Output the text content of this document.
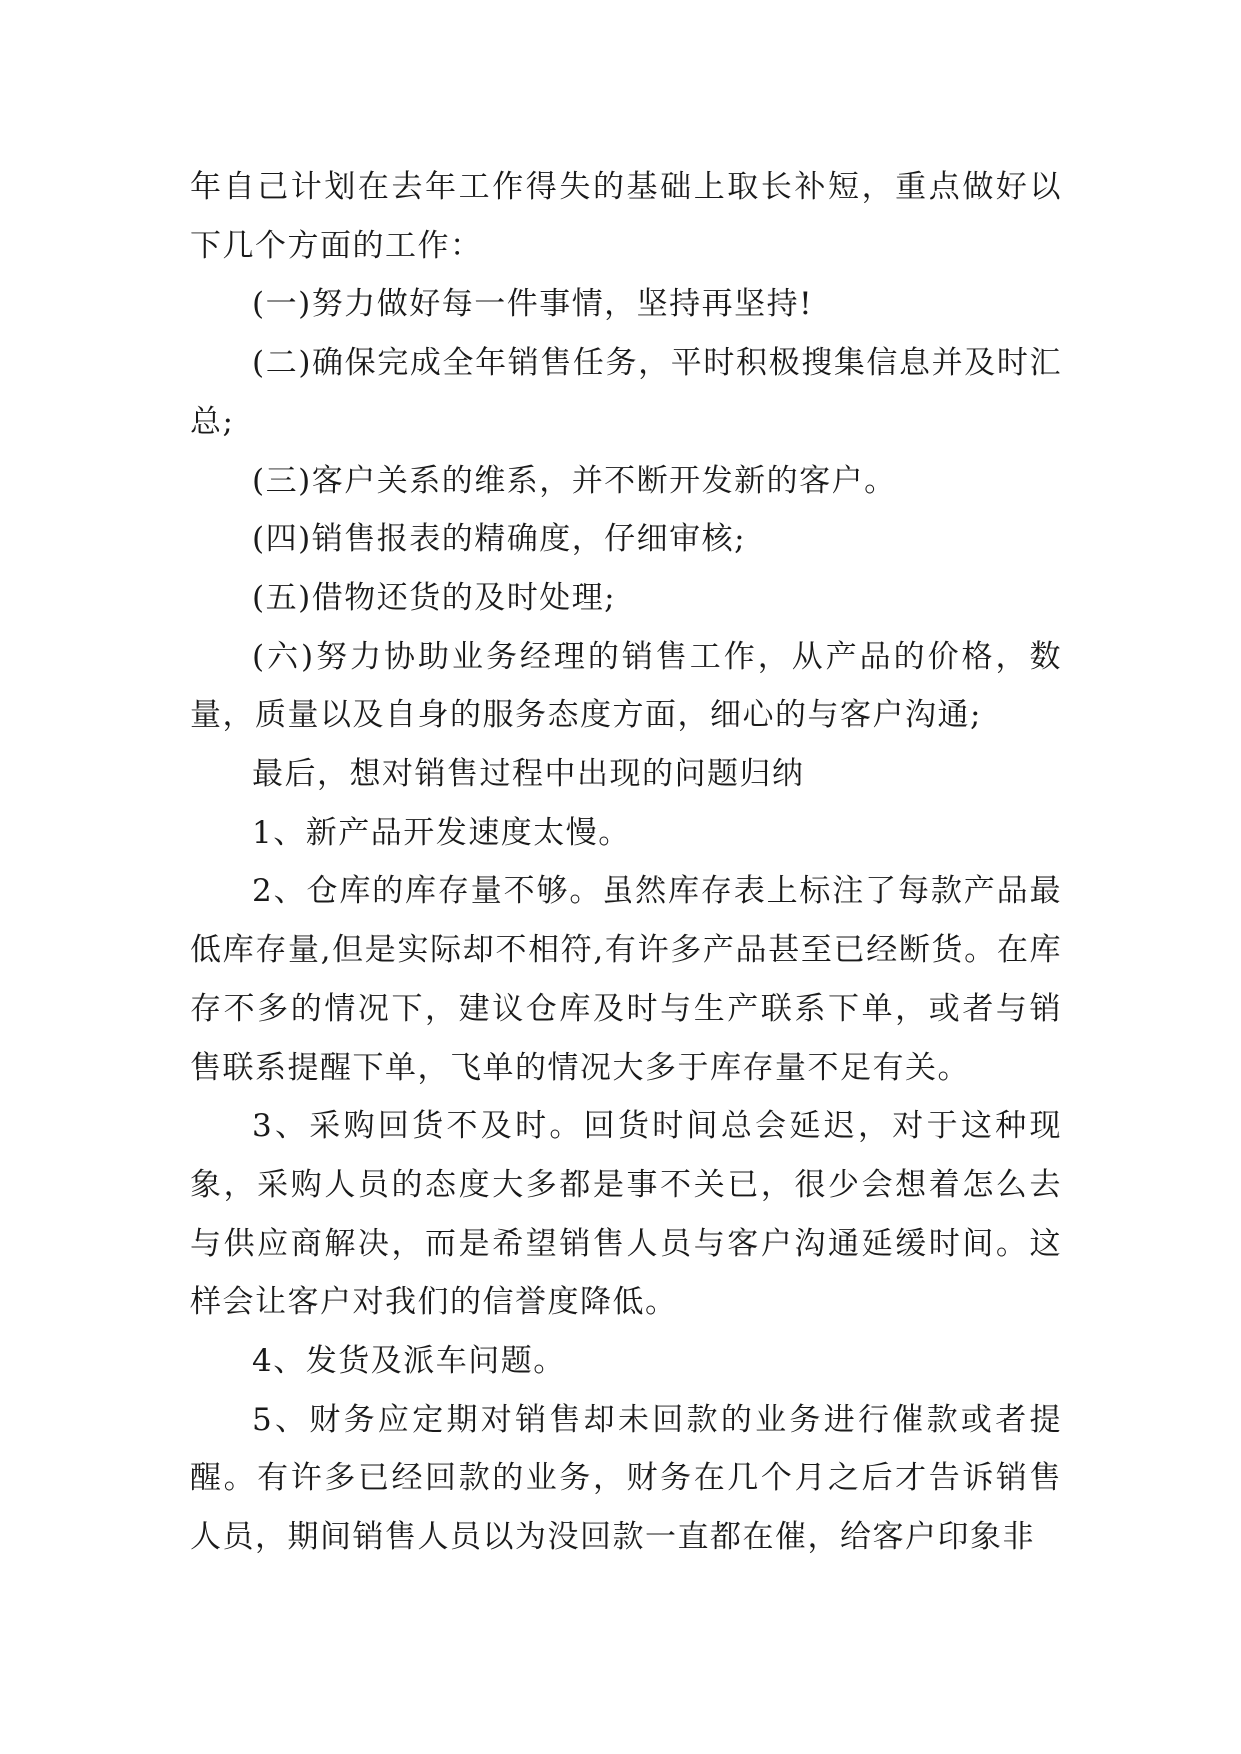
年自己计划在去年工作得失的基础上取长补短，重点做好以下几个方面的工作：

(一)努力做好每一件事情，坚持再坚持!

(二)确保完成全年销售任务，平时积极搜集信息并及时汇总;

(三)客户关系的维系，并不断开发新的客户。

(四)销售报表的精确度，仔细审核;

(五)借物还货的及时处理;

(六)努力协助业务经理的销售工作，从产品的价格，数量，质量以及自身的服务态度方面，细心的与客户沟通;

最后，想对销售过程中出现的问题归纳

1、新产品开发速度太慢。

2、仓库的库存量不够。虽然库存表上标注了每款产品最低库存量,但是实际却不相符,有许多产品甚至已经断货。在库存不多的情况下，建议仓库及时与生产联系下单，或者与销售联系提醒下单，飞单的情况大多于库存量不足有关。

3、采购回货不及时。回货时间总会延迟，对于这种现象，采购人员的态度大多都是事不关已，很少会想着怎么去与供应商解决，而是希望销售人员与客户沟通延缓时间。这样会让客户对我们的信誉度降低。

4、发货及派车问题。

5、财务应定期对销售却未回款的业务进行催款或者提醒。有许多已经回款的业务，财务在几个月之后才告诉销售人员，期间销售人员以为没回款一直都在催，给客户印象非
